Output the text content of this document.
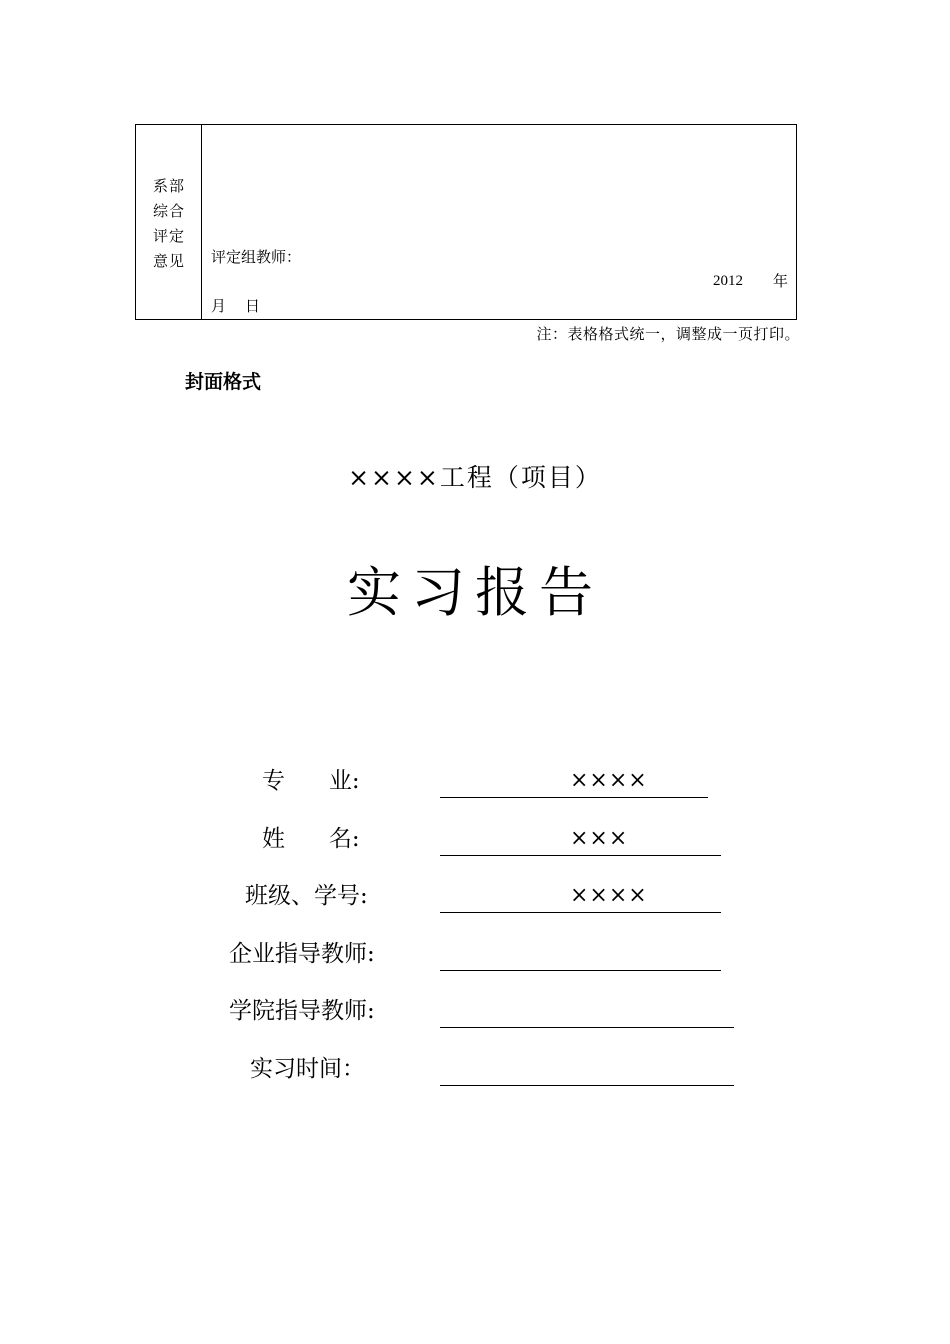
系部
综合
评定
意见	评定组教师：
2012 年
月 日
注：表格格式统一，调整成一页打印。
封面格式
××××工程（项目）
实习报告
专      业:	××××
姓      名:	×××
班级、学号:	××××
企业指导教师:
学院指导教师:
实习时间：
